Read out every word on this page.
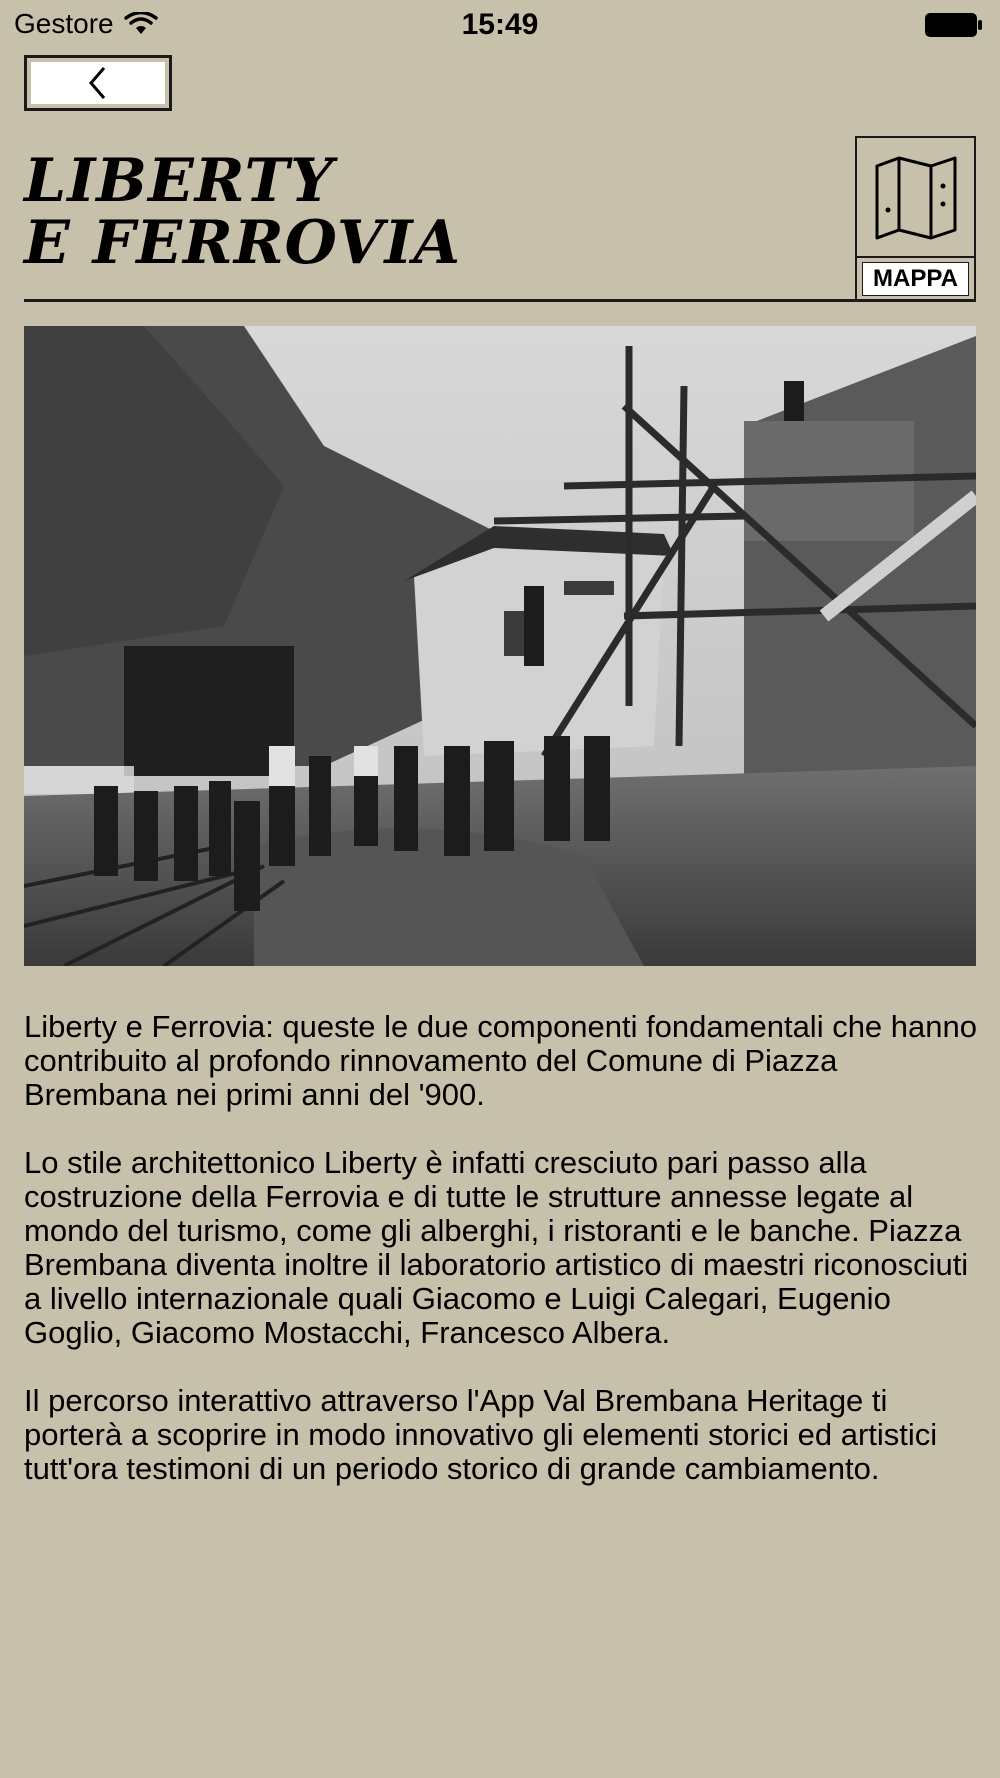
Gestore	15:49
LIBERTY
E FERROVIA
MAPPA

Liberty e Ferrovia: queste le due componenti fondamentali che hanno contribuito al profondo rinnovamento del Comune di Piazza Brembana nei primi anni del '900.

Lo stile architettonico Liberty è infatti cresciuto pari passo alla costruzione della Ferrovia e di tutte le strutture annesse legate al mondo del turismo, come gli alberghi, i ristoranti e le banche. Piazza Brembana diventa inoltre il laboratorio artistico di maestri riconosciuti a livello internazionale quali Giacomo e Luigi Calegari, Eugenio Goglio, Giacomo Mostacchi, Francesco Albera.

Il percorso interattivo attraverso l'App Val Brembana Heritage ti porterà a scoprire in modo innovativo gli elementi storici ed artistici tutt'ora testimoni di un periodo storico di grande cambiamento.
